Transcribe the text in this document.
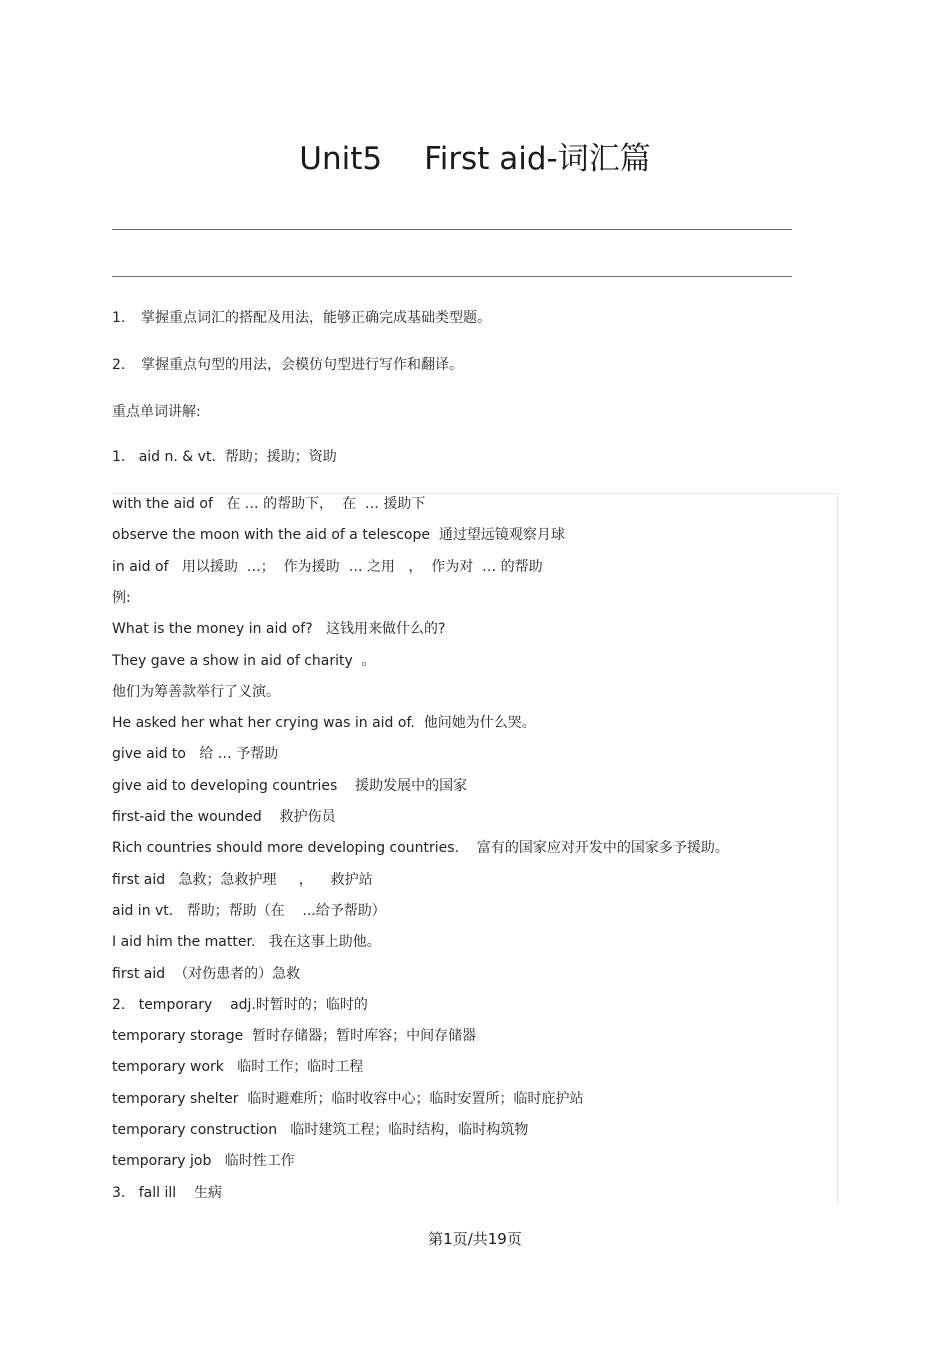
Unit5 First aid-词汇篇
1. 掌握重点词汇的搭配及用法，能够正确完成基础类型题。
2. 掌握重点句型的用法，会模仿句型进行写作和翻译。
重点单词讲解:
1.   aid n. & vt.  帮助；援助；资助
with the aid of   在 … 的帮助下，  在  … 援助下
observe the moon with the aid of a telescope  通过望远镜观察月球
in aid of   用以援助  …；  作为援助  … 之用   ，  作为对  … 的帮助
例:
What is the money in aid of?   这钱用来做什么的?
They gave a show in aid of charity  。
他们为筹善款举行了义演。
He asked her what her crying was in aid of.  他问她为什么哭。
give aid to   给 … 予帮助
give aid to developing countries    援助发展中的国家
first-aid the wounded    救护伤员
Rich countries should more developing countries.    富有的国家应对开发中的国家多予援助。
first aid   急救；急救护理     ，    救护站
aid in vt.   帮助；帮助（在    ...给予帮助）
I aid him the matter.   我在这事上助他。
first aid  （对伤患者的）急救
2.   temporary    adj.时暂时的；临时的
temporary storage  暂时存储器；暂时库容；中间存储器
temporary work   临时工作；临时工程
temporary shelter  临时避难所；临时收容中心；临时安置所；临时庇护站
temporary construction   临时建筑工程；临时结构，临时构筑物
temporary job   临时性工作
3.   fall ill    生病
第1页/共19页
